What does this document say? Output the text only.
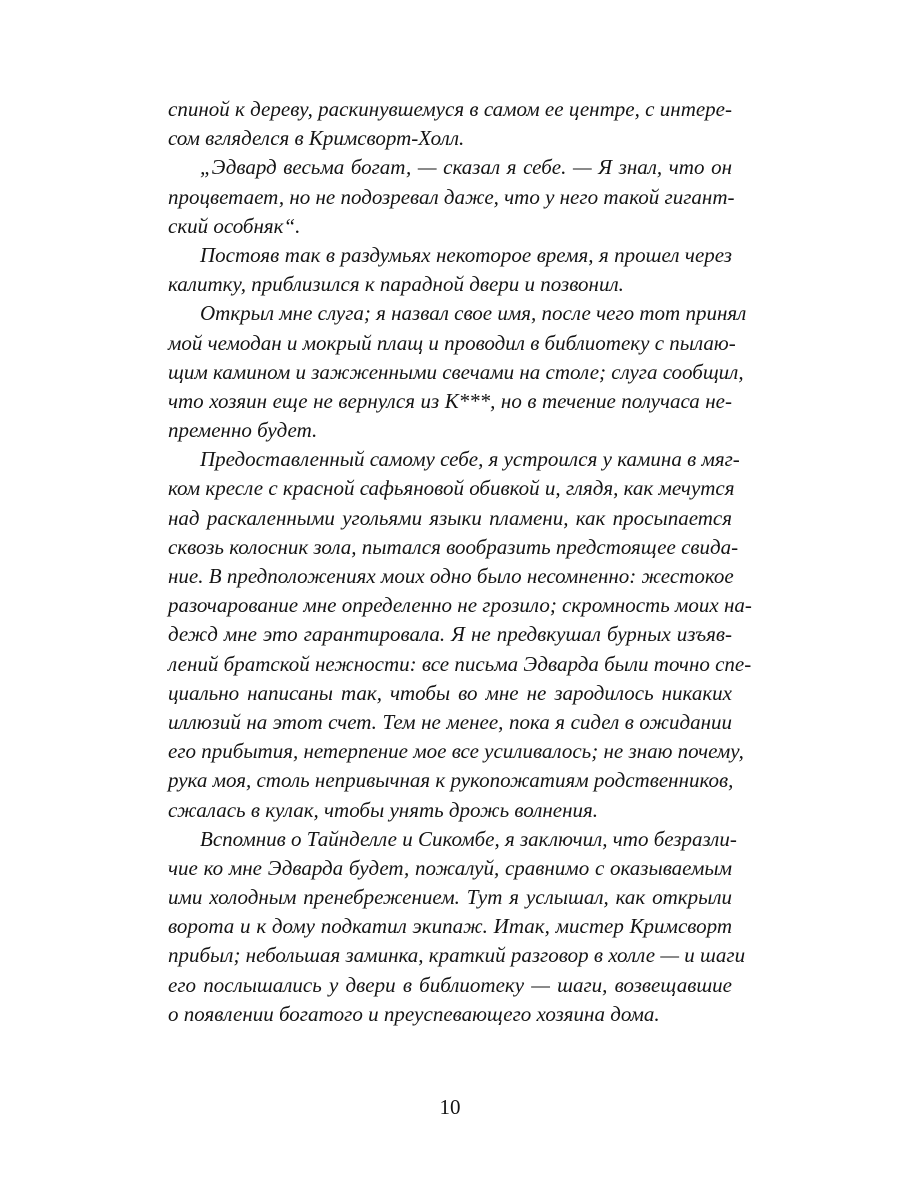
спиной к дереву, раскинувшемуся в самом ее центре, с интере-
сом вгляделся в Кримсворт-Холл.
„Эдвард весьма богат, — сказал я себе. — Я знал, что он
процветает, но не подозревал даже, что у него такой гигант-
ский особняк“.
Постояв так в раздумьях некоторое время, я прошел через
калитку, приблизился к парадной двери и позвонил.
Открыл мне слуга; я назвал свое имя, после чего тот принял
мой чемодан и мокрый плащ и проводил в библиотеку с пылаю-
щим камином и зажженными свечами на столе; слуга сообщил,
что хозяин еще не вернулся из К***, но в течение получаса не-
пременно будет.
Предоставленный самому себе, я устроился у камина в мяг-
ком кресле с красной сафьяновой обивкой и, глядя, как мечутся
над раскаленными угольями языки пламени, как просыпается
сквозь колосник зола, пытался вообразить предстоящее свида-
ние. В предположениях моих одно было несомненно: жестокое
разочарование мне определенно не грозило; скромность моих на-
дежд мне это гарантировала. Я не предвкушал бурных изъяв-
лений братской нежности: все письма Эдварда были точно спе-
циально написаны так, чтобы во мне не зародилось никаких
иллюзий на этот счет. Тем не менее, пока я сидел в ожидании
его прибытия, нетерпение мое все усиливалось; не знаю почему,
рука моя, столь непривычная к рукопожатиям родственников,
сжалась в кулак, чтобы унять дрожь волнения.
Вспомнив о Тайнделле и Сикомбе, я заключил, что безразли-
чие ко мне Эдварда будет, пожалуй, сравнимо с оказываемым
ими холодным пренебрежением. Тут я услышал, как открыли
ворота и к дому подкатил экипаж. Итак, мистер Кримсворт
прибыл; небольшая заминка, краткий разговор в холле — и шаги
его послышались у двери в библиотеку — шаги, возвещавшие
о появлении богатого и преуспевающего хозяина дома.
10
